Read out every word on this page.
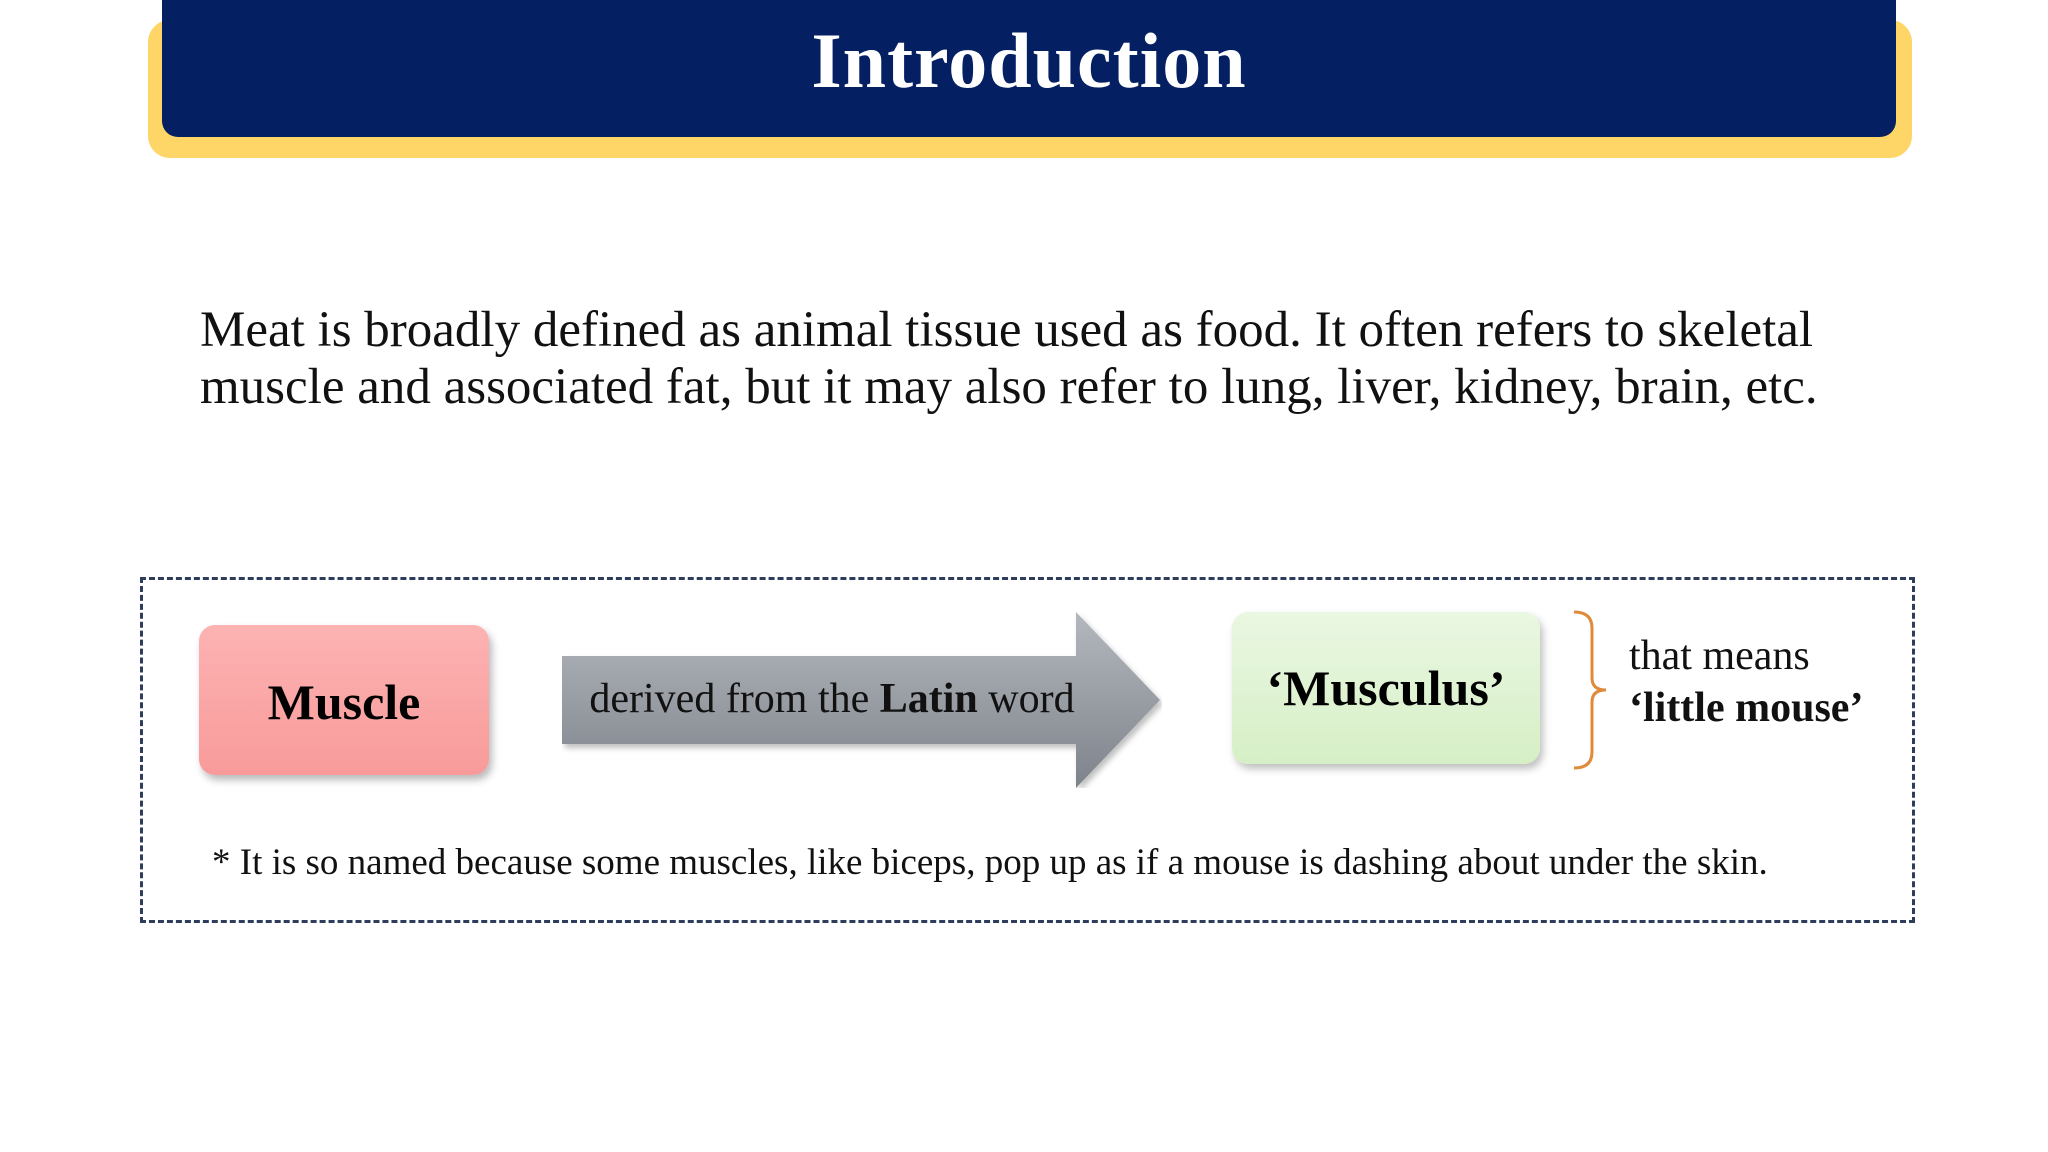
Introduction

Meat is broadly defined as animal tissue used as food. It often refers to skeletal
muscle and associated fat, but it may also refer to lung, liver, kidney, brain, etc.

Muscle	derived from the Latin word	‘Musculus’
that means
‘little mouse’
* It is so named because some muscles, like biceps, pop up as if a mouse is dashing about under the skin.
